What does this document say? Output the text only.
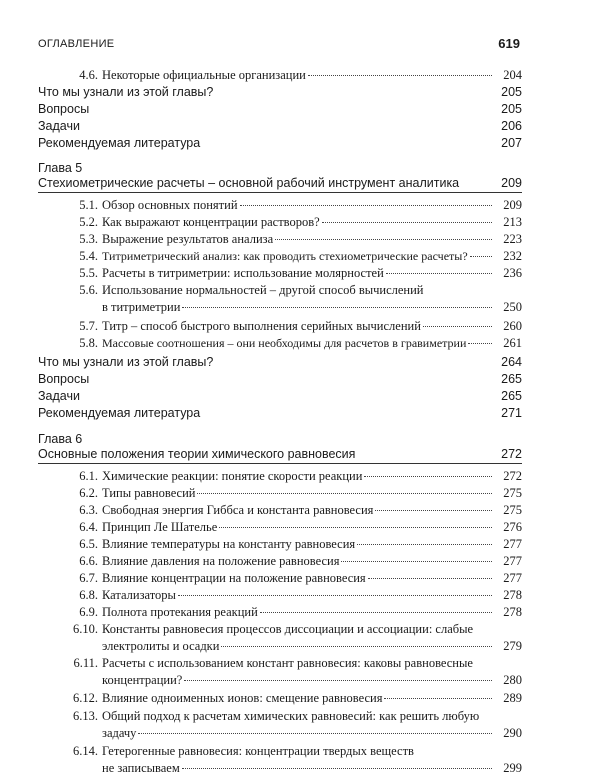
ОГЛАВЛЕНИЕ	619
4.6. Некоторые официальные организации	204
Что мы узнали из этой главы?	205
Вопросы	205
Задачи	206
Рекомендуемая литература	207
Глава 5
Стехиометрические расчеты – основной рабочий инструмент аналитика	209
5.1. Обзор основных понятий	209
5.2. Как выражают концентрации растворов?	213
5.3. Выражение результатов анализа	223
5.4. Титриметрический анализ: как проводить стехиометрические расчеты?	232
5.5. Расчеты в титриметрии: использование молярностей	236
5.6. Использование нормальностей – другой способ вычислений
в титриметрии	250
5.7. Титр – способ быстрого выполнения серийных вычислений	260
5.8. Массовые соотношения – они необходимы для расчетов в гравиметрии	261
Что мы узнали из этой главы?	264
Вопросы	265
Задачи	265
Рекомендуемая литература	271
Глава 6
Основные положения теории химического равновесия	272
6.1. Химические реакции: понятие скорости реакции	272
6.2. Типы равновесий	275
6.3. Свободная энергия Гиббса и константа равновесия	275
6.4. Принцип Ле Шателье	276
6.5. Влияние температуры на константу равновесия	277
6.6. Влияние давления на положение равновесия	277
6.7. Влияние концентрации на положение равновесия	277
6.8. Катализаторы	278
6.9. Полнота протекания реакций	278
6.10. Константы равновесия процессов диссоциации и ассоциации: слабые
электролиты и осадки	279
6.11. Расчеты с использованием констант равновесия: каковы равновесные
концентрации?	280
6.12. Влияние одноименных ионов: смещение равновесия	289
6.13. Общий подход к расчетам химических равновесий: как решить любую
задачу	290
6.14. Гетерогенные равновесия: концентрации твердых веществ
не записываем	299
